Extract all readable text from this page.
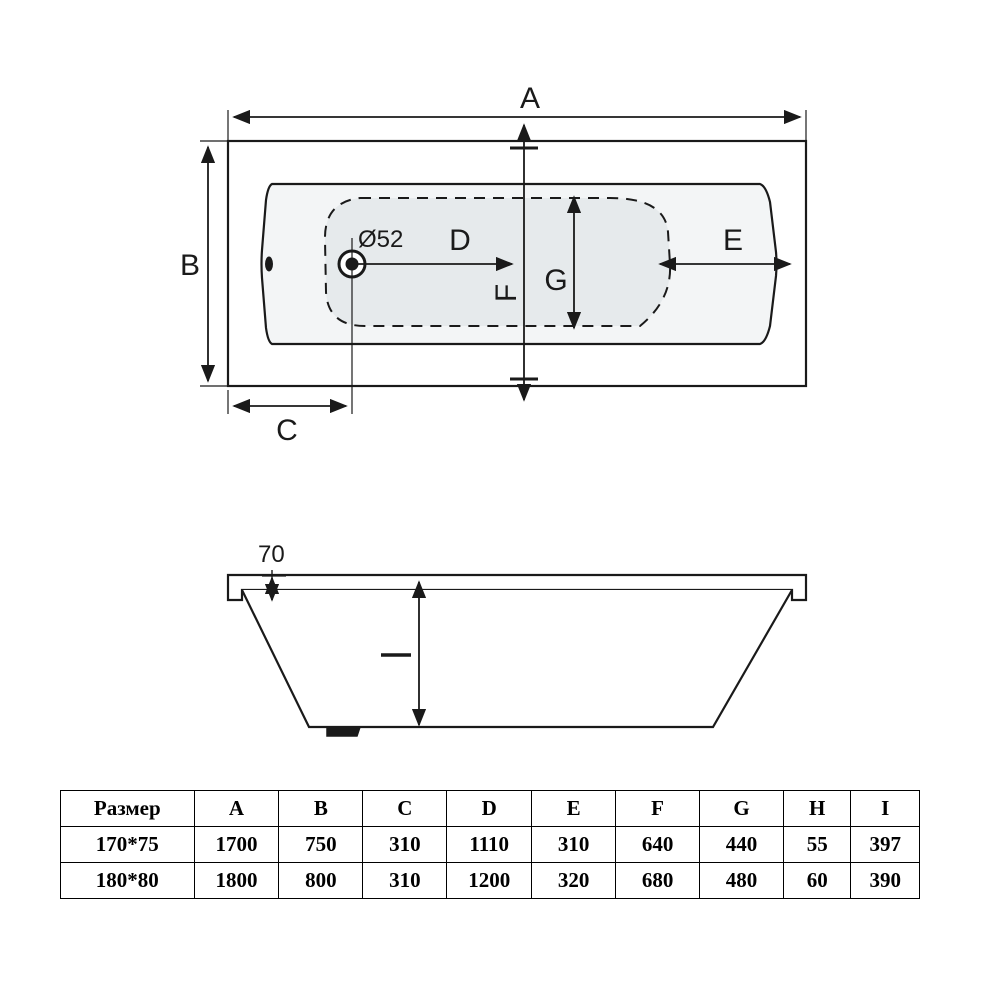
A
B
C
D	E
F G
Ø52
70
Размер	A	B	C	D	E	F	G	H	I
170*75	1700	750	310	1110	310	640	440	55	397
180*80	1800	800	310	1200	320	680	480	60	390
